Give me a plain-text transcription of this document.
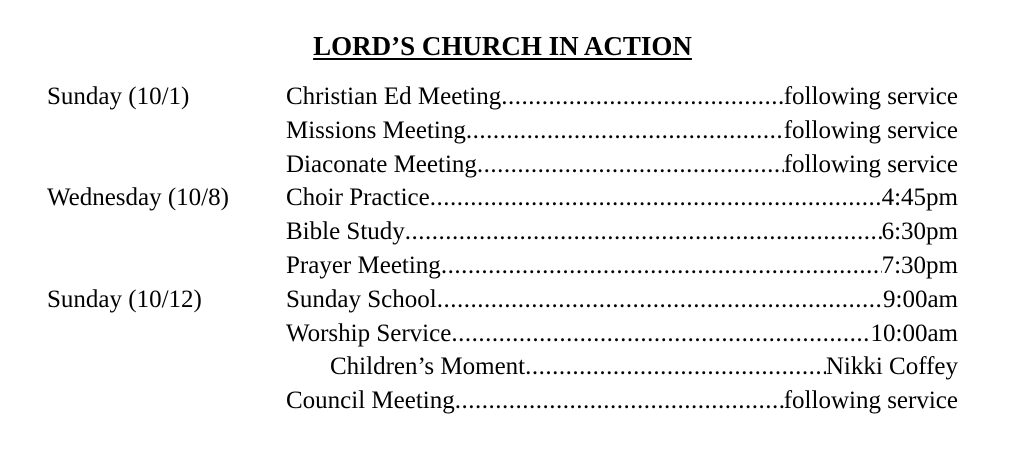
LORD’S CHURCH IN ACTION
Sunday (10/1)	Christian Ed Meeting .....	following service
Missions Meeting .....	following service
Diaconate Meeting .....	following service
Wednesday (10/8) Choir Practice .....	4:45pm
Bible Study .....	6:30pm
Prayer Meeting .....	7:30pm
Sunday (10/12)	Sunday School .....	9:00am
Worship Service .....	10:00am
Children’s Moment .....	Nikki Coffey
Council Meeting .....	following service
